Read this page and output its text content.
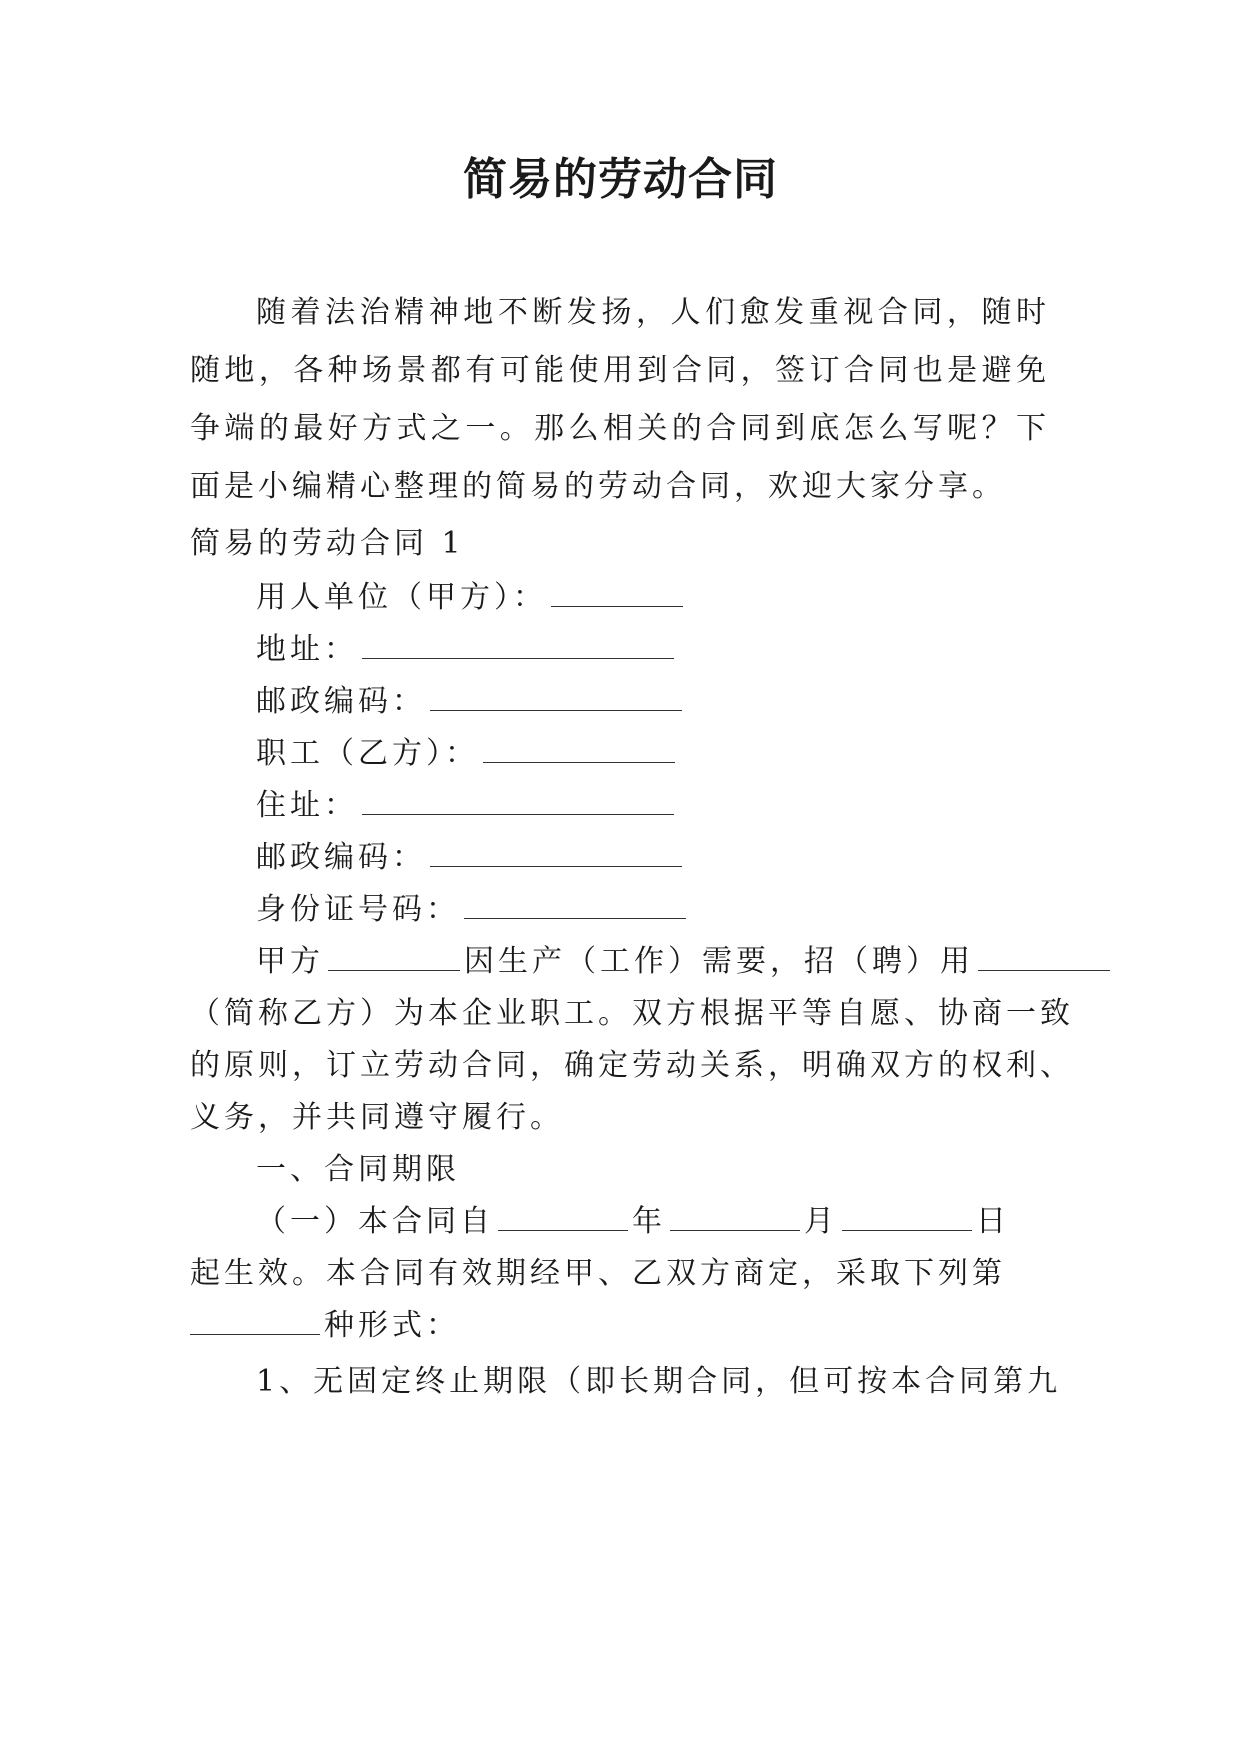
简易的劳动合同
随着法治精神地不断发扬，人们愈发重视合同，随时随地，各种场景都有可能使用到合同，签订合同也是避免争端的最好方式之一。那么相关的合同到底怎么写呢？下面是小编精心整理的简易的劳动合同，欢迎大家分享。
简易的劳动合同 1
用人单位（甲方）：
地址：
邮政编码：
职工（乙方）：
住址：
邮政编码：
身份证号码：
甲方	因生产（工作）需要，招（聘）用
（简称乙方）为本企业职工。双方根据平等自愿、协商一致
的原则，订立劳动合同，确定劳动关系，明确双方的权利、
义务，并共同遵守履行。
一、合同期限
（一）本合同自	年	月	日
起生效。本合同有效期经甲、乙双方商定，采取下列第
种形式：
1、无固定终止期限（即长期合同，但可按本合同第九
